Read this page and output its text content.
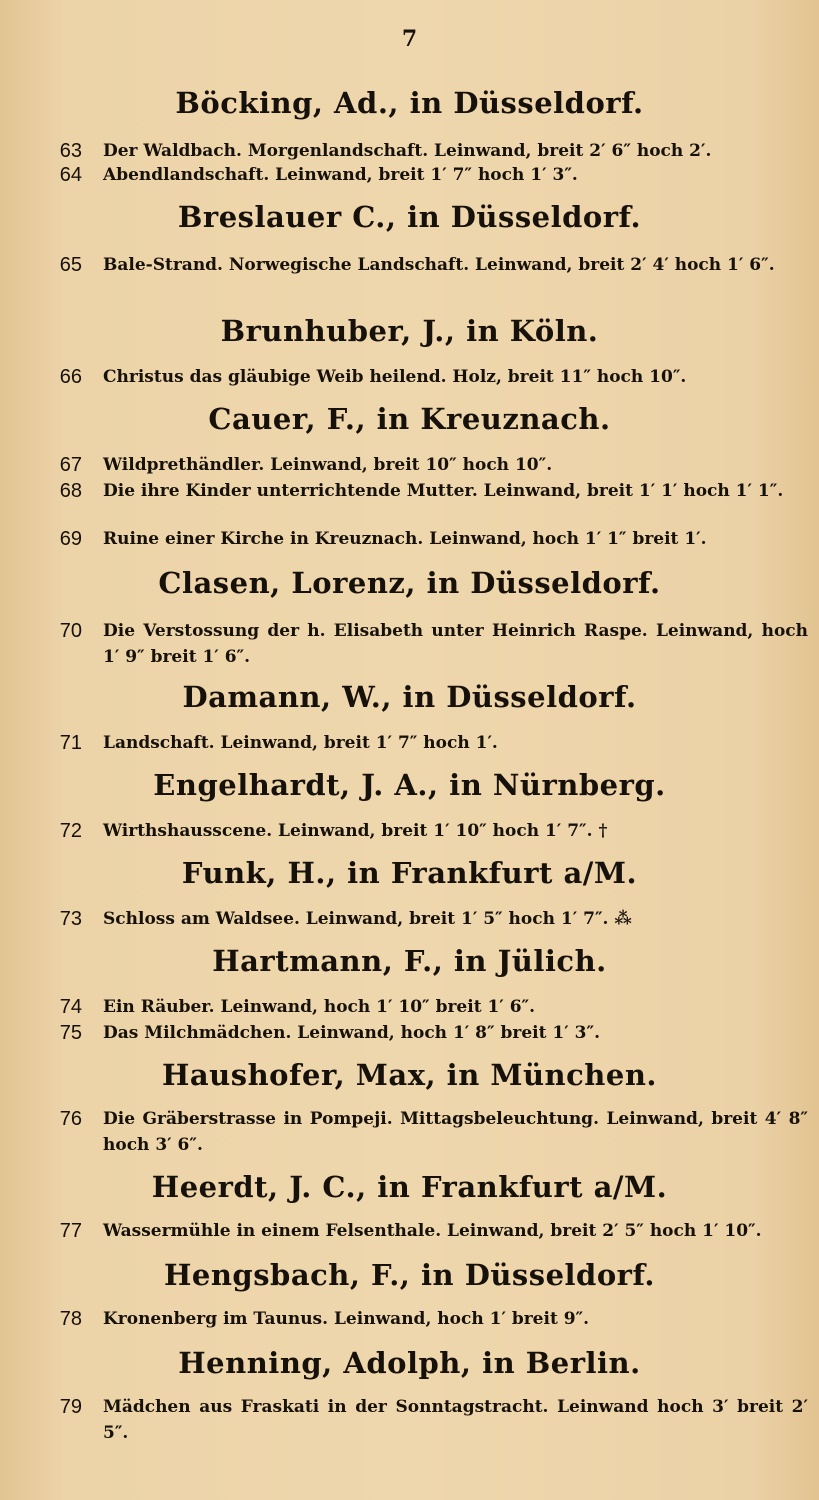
7
Böcking, Ad., in Düsseldorf.
63 Der Waldbach. Morgenlandschaft. Leinwand, breit 2′ 6″ hoch 2′.
64 Abendlandschaft. Leinwand, breit 1′ 7″ hoch 1′ 3″.
Breslauer C., in Düsseldorf.
65 Bale-Strand. Norwegische Landschaft. Leinwand, breit 2′ 4′ hoch 1′ 6″.
Brunhuber, J., in Köln.
66 Christus das gläubige Weib heilend. Holz, breit 11″ hoch 10″.
Cauer, F., in Kreuznach.
67 Wildprethändler. Leinwand, breit 10″ hoch 10″.
68 Die ihre Kinder unterrichtende Mutter. Leinwand, breit 1′ 1′ hoch 1′ 1″.
69 Ruine einer Kirche in Kreuznach. Leinwand, hoch 1′ 1″ breit 1′.
Clasen, Lorenz, in Düsseldorf.
70 Die Verstossung der h. Elisabeth unter Heinrich Raspe. Leinwand, hoch 1′ 9″ breit 1′ 6″.
Damann, W., in Düsseldorf.
71 Landschaft. Leinwand, breit 1′ 7″ hoch 1′.
Engelhardt, J. A., in Nürnberg.
72 Wirthshausscene. Leinwand, breit 1′ 10″ hoch 1′ 7″. †
Funk, H., in Frankfurt a/M.
73 Schloss am Waldsee. Leinwand, breit 1′ 5″ hoch 1′ 7″. ⁂
Hartmann, F., in Jülich.
74 Ein Räuber. Leinwand, hoch 1′ 10″ breit 1′ 6″.
75 Das Milchmädchen. Leinwand, hoch 1′ 8″ breit 1′ 3″.
Haushofer, Max, in München.
76 Die Gräberstrasse in Pompeji. Mittagsbeleuchtung. Leinwand, breit 4′ 8″ hoch 3′ 6″.
Heerdt, J. C., in Frankfurt a/M.
77 Wassermühle in einem Felsenthale. Leinwand, breit 2′ 5″ hoch 1′ 10″.
Hengsbach, F., in Düsseldorf.
78 Kronenberg im Taunus. Leinwand, hoch 1′ breit 9″.
Henning, Adolph, in Berlin.
79 Mädchen aus Fraskati in der Sonntagstracht. Leinwand hoch 3′ breit 2′ 5″.
